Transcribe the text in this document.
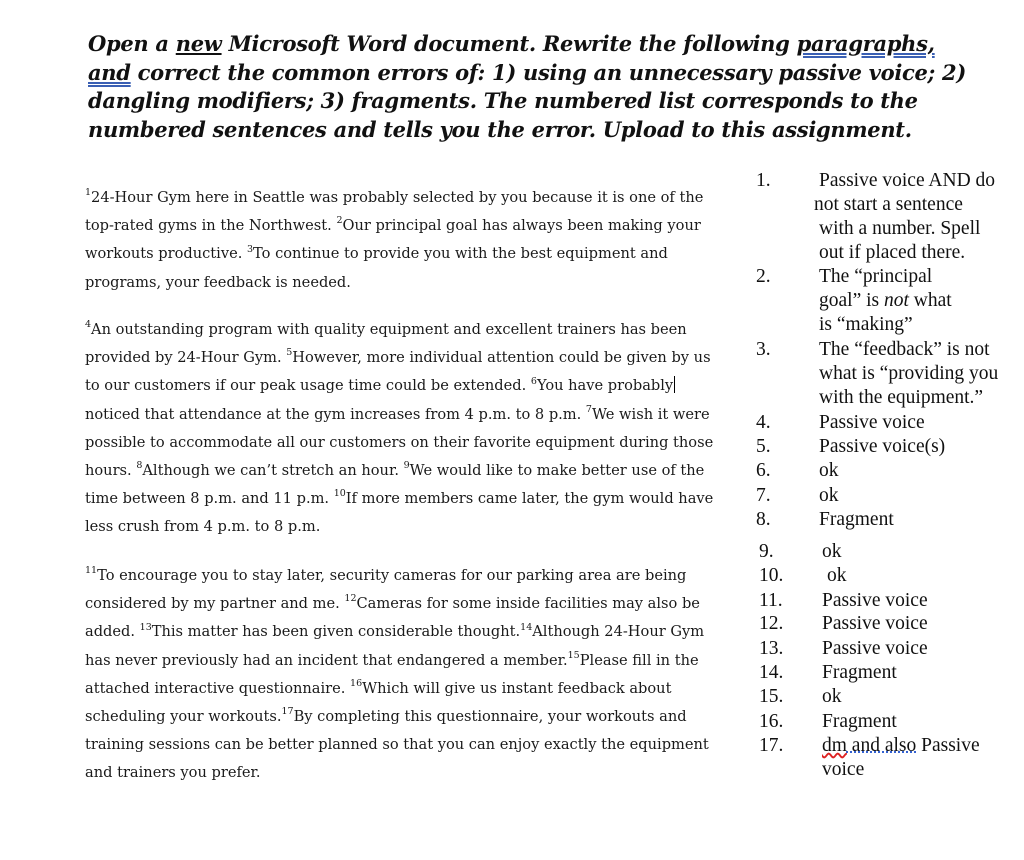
Open a new Microsoft Word document. Rewrite the following paragraphs, and correct the common errors of: 1) using an unnecessary passive voice; 2) dangling modifiers; 3) fragments. The numbered list corresponds to the numbered sentences and tells you the error. Upload to this assignment.
$^1$24-Hour Gym here in Seattle was probably selected by you because it is one of the top-rated gyms in the Northwest. $^2$Our principal goal has always been making your workouts productive. $^3$To continue to provide you with the best equipment and programs, your feedback is needed.
$^4$An outstanding program with quality equipment and excellent trainers has been provided by 24-Hour Gym. $^5$However, more individual attention could be given by us to our customers if our peak usage time could be extended. $^6$You have probably noticed that attendance at the gym increases from 4 p.m. to 8 p.m. $^7$We wish it were possible to accommodate all our customers on their favorite equipment during those hours. $^8$Although we can’t stretch an hour. $^9$We would like to make better use of the time between 8 p.m. and 11 p.m. $^{10}$If more members came later, the gym would have less crush from 4 p.m. to 8 p.m.
$^{11}$To encourage you to stay later, security cameras for our parking area are being considered by my partner and me. $^{12}$Cameras for some inside facilities may also be added. $^{13}$This matter has been given considerable thought.$^{14}$Although 24-Hour Gym has never previously had an incident that endangered a member.$^{15}$Please fill in the attached interactive questionnaire. $^{16}$Which will give us instant feedback about scheduling your workouts.$^{17}$By completing this questionnaire, your workouts and training sessions can be better planned so that you can enjoy exactly the equipment and trainers you prefer.
1. Passive voice AND do
not start a sentence
with a number. Spell
out if placed there.
2. The “principal
goal” is not what
is “making”
3. The “feedback” is not
what is “providing you
with the equipment.”
4. Passive voice
5. Passive voice(s)
6. ok
7. ok
8. Fragment
9. ok
10. ok
11. Passive voice
12. Passive voice
13. Passive voice
14. Fragment
15. ok
16. Fragment
17. dm and also Passive
voice
